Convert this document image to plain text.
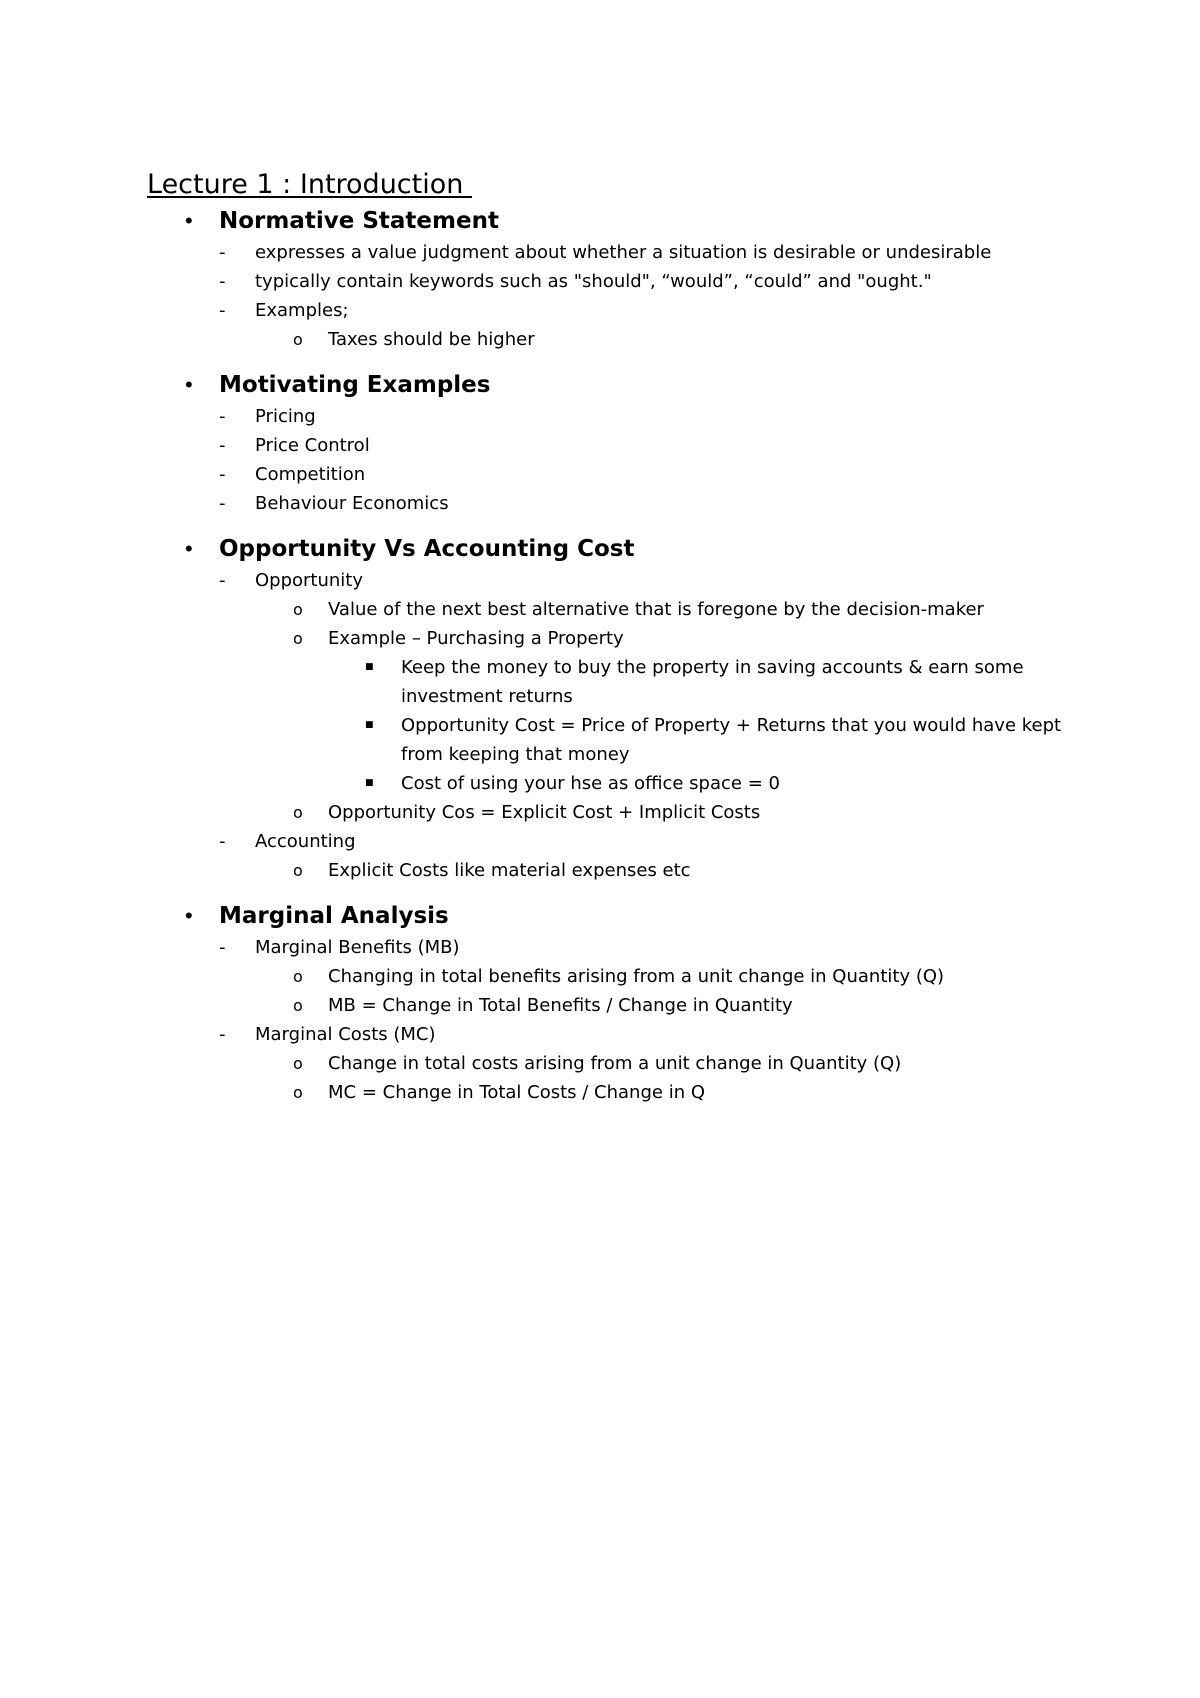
Lecture 1 : Introduction
• Normative Statement
- expresses a value judgment about whether a situation is desirable or undesirable
- typically contain keywords such as "should", “would”, “could” and "ought."
- Examples;
o Taxes should be higher
• Motivating Examples
- Pricing
- Price Control
- Competition
- Behaviour Economics
• Opportunity Vs Accounting Cost
- Opportunity
o Value of the next best alternative that is foregone by the decision-maker
o Example – Purchasing a Property
■ Keep the money to buy the property in saving accounts & earn some investment returns
■ Opportunity Cost = Price of Property + Returns that you would have kept from keeping that money
■ Cost of using your hse as office space = 0
o Opportunity Cos = Explicit Cost + Implicit Costs
- Accounting
o Explicit Costs like material expenses etc
• Marginal Analysis
- Marginal Benefits (MB)
o Changing in total benefits arising from a unit change in Quantity (Q)
o MB = Change in Total Benefits / Change in Quantity
- Marginal Costs (MC)
o Change in total costs arising from a unit change in Quantity (Q)
o MC = Change in Total Costs / Change in Q
